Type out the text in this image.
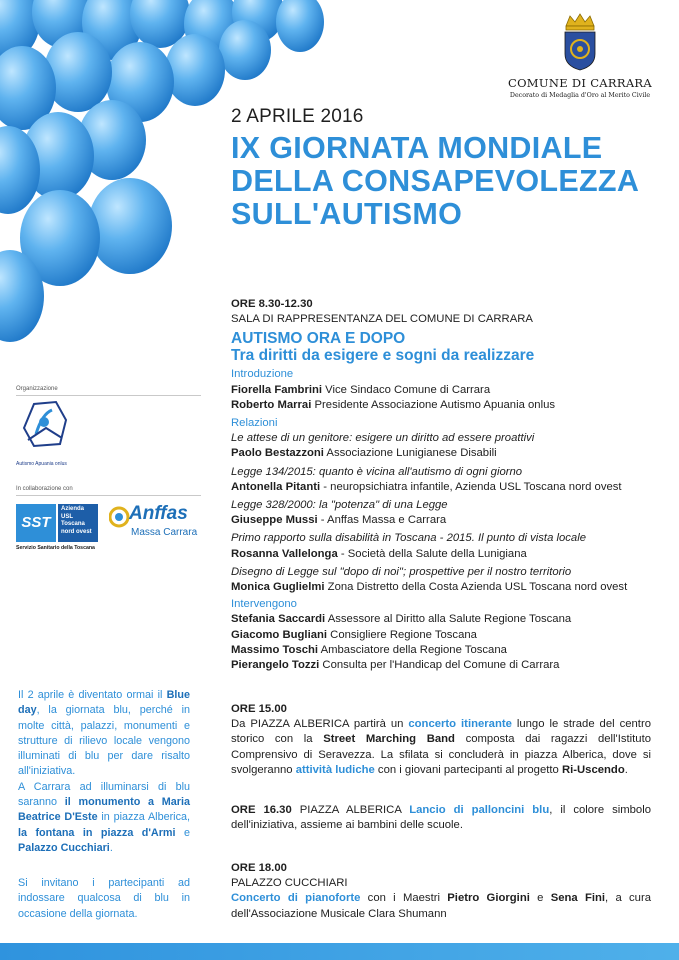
COMUNE DI CARRARA
Decorato di Medaglia d'Oro al Merito Civile
2 APRILE 2016
IX GIORNATA MONDIALE
DELLA CONSAPEVOLEZZA
SULL'AUTISMO

ORE 8.30-12.30

SALA DI RAPPRESENTANZA DEL COMUNE DI CARRARA

AUTISMO ORA E DOPO

Tra diritti da esigere e sogni da realizzare

Introduzione

Fiorella Fambrini Vice Sindaco Comune di Carrara

Roberto Marrai Presidente Associazione Autismo Apuania onlus

Relazioni

Le attese di un genitore: esigere un diritto ad essere proattivi

Paolo Bestazzoni Associazione Lunigianese Disabili

Legge 134/2015: quanto è vicina all'autismo di ogni giorno

Antonella Pitanti - neuropsichiatra infantile, Azienda USL Toscana nord ovest

Legge 328/2000: la "potenza" di una Legge

Giuseppe Mussi - Anffas Massa e Carrara

Primo rapporto sulla disabilità in Toscana - 2015. Il punto di vista locale

Rosanna Vallelonga - Società della Salute della Lunigiana

Disegno di Legge sul "dopo di noi"; prospettive per il nostro territorio

Monica Guglielmi Zona Distretto della Costa Azienda USL Toscana nord ovest

Intervengono

Stefania Saccardi Assessore al Diritto alla Salute Regione Toscana

Giacomo Bugliani Consigliere Regione Toscana

Massimo Toschi Ambasciatore della Regione Toscana

Pierangelo Tozzi Consulta per l'Handicap del Comune di Carrara

ORE 15.00

Da PIAZZA ALBERICA partirà un concerto itinerante lungo le strade del centro storico con la Street Marching Band composta dai ragazzi dell'Istituto Comprensivo di Seravezza. La sfilata si concluderà in piazza Alberica, dove si svolgeranno attività ludiche con i giovani partecipanti al progetto Ri-Uscendo.

ORE 16.30 PIAZZA ALBERICA Lancio di palloncini blu, il colore simbolo dell'iniziativa, assieme ai bambini delle scuole.

ORE 18.00

PALAZZO CUCCHIARI

Concerto di pianoforte con i Maestri Pietro Giorgini e Sena Fini, a cura dell'Associazione Musicale Clara Shumann

Organizzazione
Autismo Apuania onlus
In collaborazione con
SST
Azienda
USL
Toscana
nord ovest
Servizio Sanitario della Toscana
Anffas
Massa Carrara

Il 2 aprile è diventato ormai il Blue day, la giornata blu, perché in molte città, palazzi, monumenti e strutture di rilievo locale vengono illuminati di blu per dare risalto all'iniziativa.

A Carrara ad illuminarsi di blu saranno il monumento a Maria Beatrice D'Este in piazza Alberica, la fontana in piazza d'Armi e Palazzo Cucchiari.

Si invitano i partecipanti ad indossare qualcosa di blu in occasione della giornata.
